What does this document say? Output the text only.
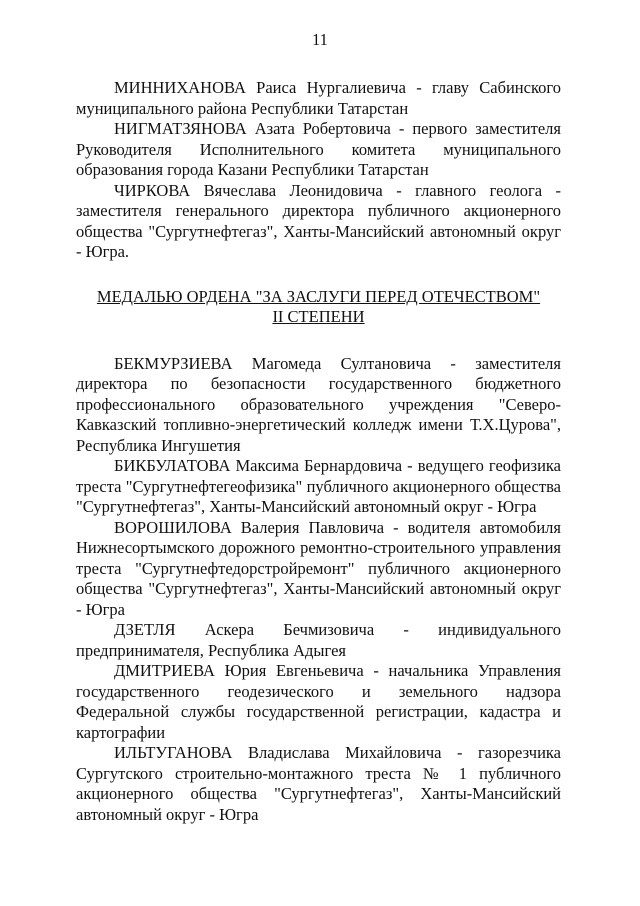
11

МИННИХАНОВА Раиса Нургалиевича - главу Сабинского муниципального района Республики Татарстан

НИГМАТЗЯНОВА Азата Робертовича - первого заместителя Руководителя Исполнительного комитета муниципального образования города Казани Республики Татарстан

ЧИРКОВА Вячеслава Леонидовича - главного геолога - заместителя генерального директора публичного акционерного общества "Сургутнефтегаз", Ханты-Мансийский автономный округ - Югра.

МЕДАЛЬЮ ОРДЕНА "ЗА ЗАСЛУГИ ПЕРЕД ОТЕЧЕСТВОМ"
II СТЕПЕНИ

БЕКМУРЗИЕВА Магомеда Султановича - заместителя директора по безопасности государственного бюджетного профессионального образовательного учреждения "Северо-Кавказский топливно-энергетический колледж имени Т.Х.Цурова", Республика Ингушетия

БИКБУЛАТОВА Максима Бернардовича - ведущего геофизика треста "Сургутнефтегеофизика" публичного акционерного общества "Сургутнефтегаз", Ханты-Мансийский автономный округ - Югра

ВОРОШИЛОВА Валерия Павловича - водителя автомобиля Нижнесортымского дорожного ремонтно-строительного управления треста "Сургутнефтедорстройремонт" публичного акционерного общества "Сургутнефтегаз", Ханты-Мансийский автономный округ - Югра

ДЗЕТЛЯ Аскера Бечмизовича - индивидуального предпринимателя, Республика Адыгея

ДМИТРИЕВА Юрия Евгеньевича - начальника Управления государственного геодезического и земельного надзора Федеральной службы государственной регистрации, кадастра и картографии

ИЛЬТУГАНОВА Владислава Михайловича - газорезчика Сургутского строительно-монтажного треста № 1 публичного акционерного общества "Сургутнефтегаз", Ханты-Мансийский автономный округ - Югра
